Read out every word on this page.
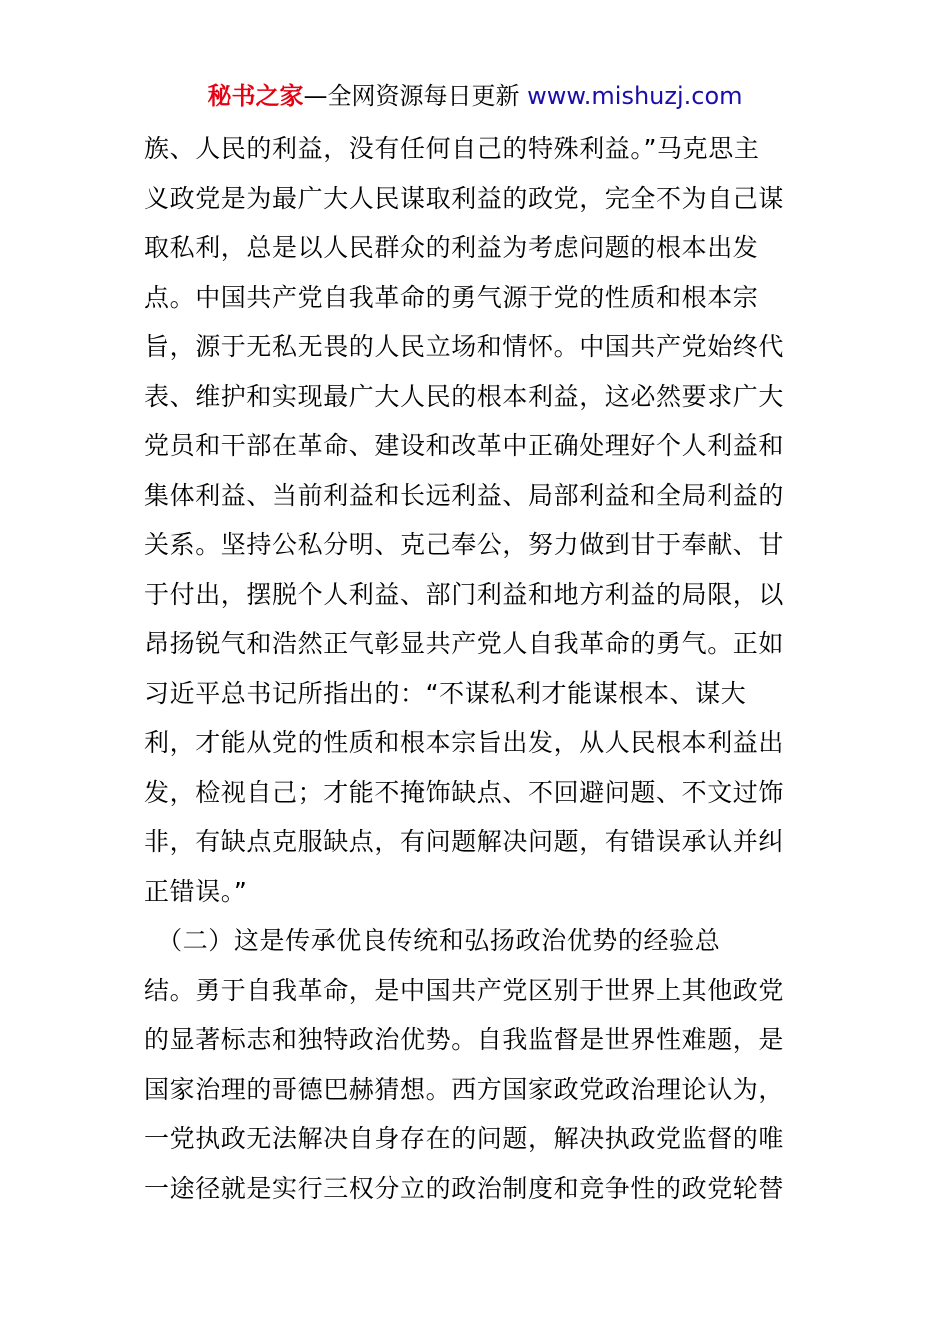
秘书之家—全网资源每日更新 www.mishuzj.com
族、人民的利益，没有任何自己的特殊利益。”马克思主
义政党是为最广大人民谋取利益的政党，完全不为自己谋
取私利，总是以人民群众的利益为考虑问题的根本出发
点。中国共产党自我革命的勇气源于党的性质和根本宗
旨，源于无私无畏的人民立场和情怀。中国共产党始终代
表、维护和实现最广大人民的根本利益，这必然要求广大
党员和干部在革命、建设和改革中正确处理好个人利益和
集体利益、当前利益和长远利益、局部利益和全局利益的
关系。坚持公私分明、克己奉公，努力做到甘于奉献、甘
于付出，摆脱个人利益、部门利益和地方利益的局限，以
昂扬锐气和浩然正气彰显共产党人自我革命的勇气。正如
习近平总书记所指出的：“不谋私利才能谋根本、谋大
利，才能从党的性质和根本宗旨出发，从人民根本利益出
发，检视自己；才能不掩饰缺点、不回避问题、不文过饰
非，有缺点克服缺点，有问题解决问题，有错误承认并纠
正错误。”
　（二）这是传承优良传统和弘扬政治优势的经验总
结。勇于自我革命，是中国共产党区别于世界上其他政党
的显著标志和独特政治优势。自我监督是世界性难题，是
国家治理的哥德巴赫猜想。西方国家政党政治理论认为，
一党执政无法解决自身存在的问题，解决执政党监督的唯
一途径就是实行三权分立的政治制度和竞争性的政党轮替
